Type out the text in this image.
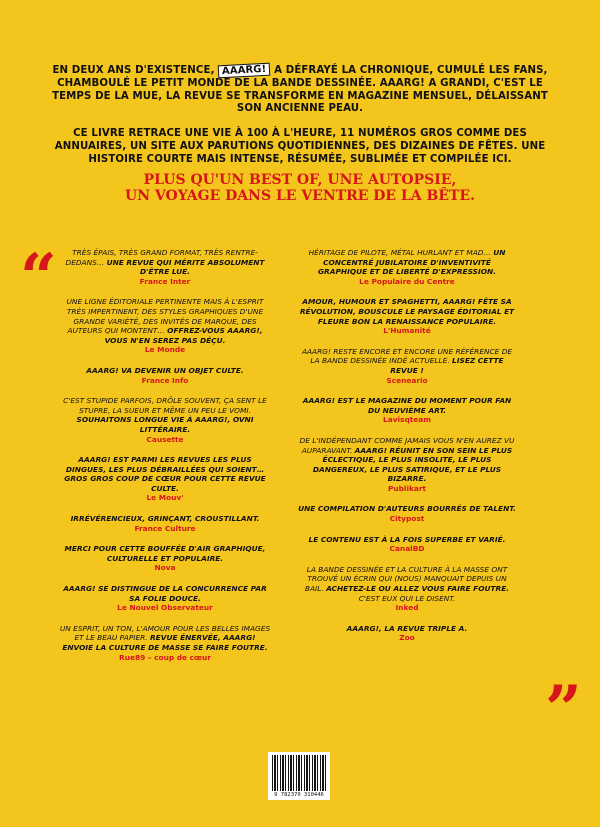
EN DEUX ANS D'EXISTENCE, AAARG! A DÉFRAYÉ LA CHRONIQUE, CUMULÉ LES FANS, CHAMBOULÉ LE PETIT MONDE DE LA BANDE DESSINÉE. AAARG! A GRANDI, C'EST LE TEMPS DE LA MUE, LA REVUE SE TRANSFORME EN MAGAZINE MENSUEL, DÉLAISSANT SON ANCIENNE PEAU.

CE LIVRE RETRACE UNE VIE À 100 À L'HEURE, 11 NUMÉROS GROS COMME DES ANNUAIRES, UN SITE AUX PARUTIONS QUOTIDIENNES, DES DIZAINES DE FÊTES. UNE HISTOIRE COURTE MAIS INTENSE, RÉSUMÉE, SUBLIMÉE ET COMPILÉE ICI.

PLUS QU'UN BEST OF, UNE AUTOPSIE,
UN VOYAGE DANS LE VENTRE DE LA BÊTE.
“
”
TRÈS ÉPAIS, TRÈS GRAND FORMAT, TRÈS RENTRE-DEDANS… UNE REVUE QUI MÉRITE ABSOLUMENT D'ÊTRE LUE.
France Inter
UNE LIGNE ÉDITORIALE PERTINENTE MAIS À L'ESPRIT TRÈS IMPERTINENT, DES STYLES GRAPHIQUES D'UNE GRANDE VARIÉTÉ, DES INVITÉS DE MARQUE, DES AUTEURS QUI MONTENT… OFFREZ-VOUS AAARG!, VOUS N'EN SEREZ PAS DÉÇU.
Le Monde
AAARG! VA DEVENIR UN OBJET CULTE.
France Info
C'EST STUPIDE PARFOIS, DRÔLE SOUVENT, ÇA SENT LE STUPRE, LA SUEUR ET MÊME UN PEU LE VOMI. SOUHAITONS LONGUE VIE À AAARG!, OVNI LITTÉRAIRE.
Causette
AAARG! EST PARMI LES REVUES LES PLUS DINGUES, LES PLUS DÉBRAILLÉES QUI SOIENT… GROS GROS COUP DE CŒUR POUR CETTE REVUE CULTE.
Le Mouv'
IRRÉVÉRENCIEUX, GRINÇANT, CROUSTILLANT.
France Culture
MERCI POUR CETTE BOUFFÉE D'AIR GRAPHIQUE, CULTURELLE ET POPULAIRE.
Nova
AAARG! SE DISTINGUE DE LA CONCURRENCE PAR SA FOLIE DOUCE.
Le Nouvel Observateur
UN ESPRIT, UN TON, L'AMOUR POUR LES BELLES IMAGES ET LE BEAU PAPIER. REVUE ÉNERVÉE, AAARG! ENVOIE LA CULTURE DE MASSE SE FAIRE FOUTRE.
Rue89 – coup de cœur
HÉRITAGE DE PILOTE, MÉTAL HURLANT ET MAD… UN CONCENTRÉ JUBILATOIRE D'INVENTIVITÉ GRAPHIQUE ET DE LIBERTÉ D'EXPRESSION.
Le Populaire du Centre
AMOUR, HUMOUR ET SPAGHETTI, AAARG! FÊTE SA RÉVOLUTION, BOUSCULE LE PAYSAGE ÉDITORIAL ET FLEURE BON LA RENAISSANCE POPULAIRE.
L'Humanité
AAARG! RESTE ENCORE ET ENCORE UNE RÉFÉRENCE DE LA BANDE DESSINÉE INDÉ ACTUELLE. LISEZ CETTE REVUE !
Sceneario
AAARG! EST LE MAGAZINE DU MOMENT POUR FAN DU NEUVIÈME ART.
Lavisqteam
DE L'INDÉPENDANT COMME JAMAIS VOUS N'EN AUREZ VU AUPARAVANT. AAARG! RÉUNIT EN SON SEIN LE PLUS ÉCLECTIQUE, LE PLUS INSOLITE, LE PLUS DANGEREUX, LE PLUS SATIRIQUE, ET LE PLUS BIZARRE.
Publikart
UNE COMPILATION D'AUTEURS BOURRÉS DE TALENT.
Citypost
LE CONTENU EST À LA FOIS SUPERBE ET VARIÉ.
CanalBD
LA BANDE DESSINÉE ET LA CULTURE À LA MASSE ONT TROUVÉ UN ÉCRIN QUI (NOUS) MANQUAIT DEPUIS UN BAIL. ACHETEZ-LE OU ALLEZ VOUS FAIRE FOUTRE. C'EST EUX QUI LE DISENT.
Inked
AAARG!, LA REVUE TRIPLE A.
Zoo
9 782370 310446
